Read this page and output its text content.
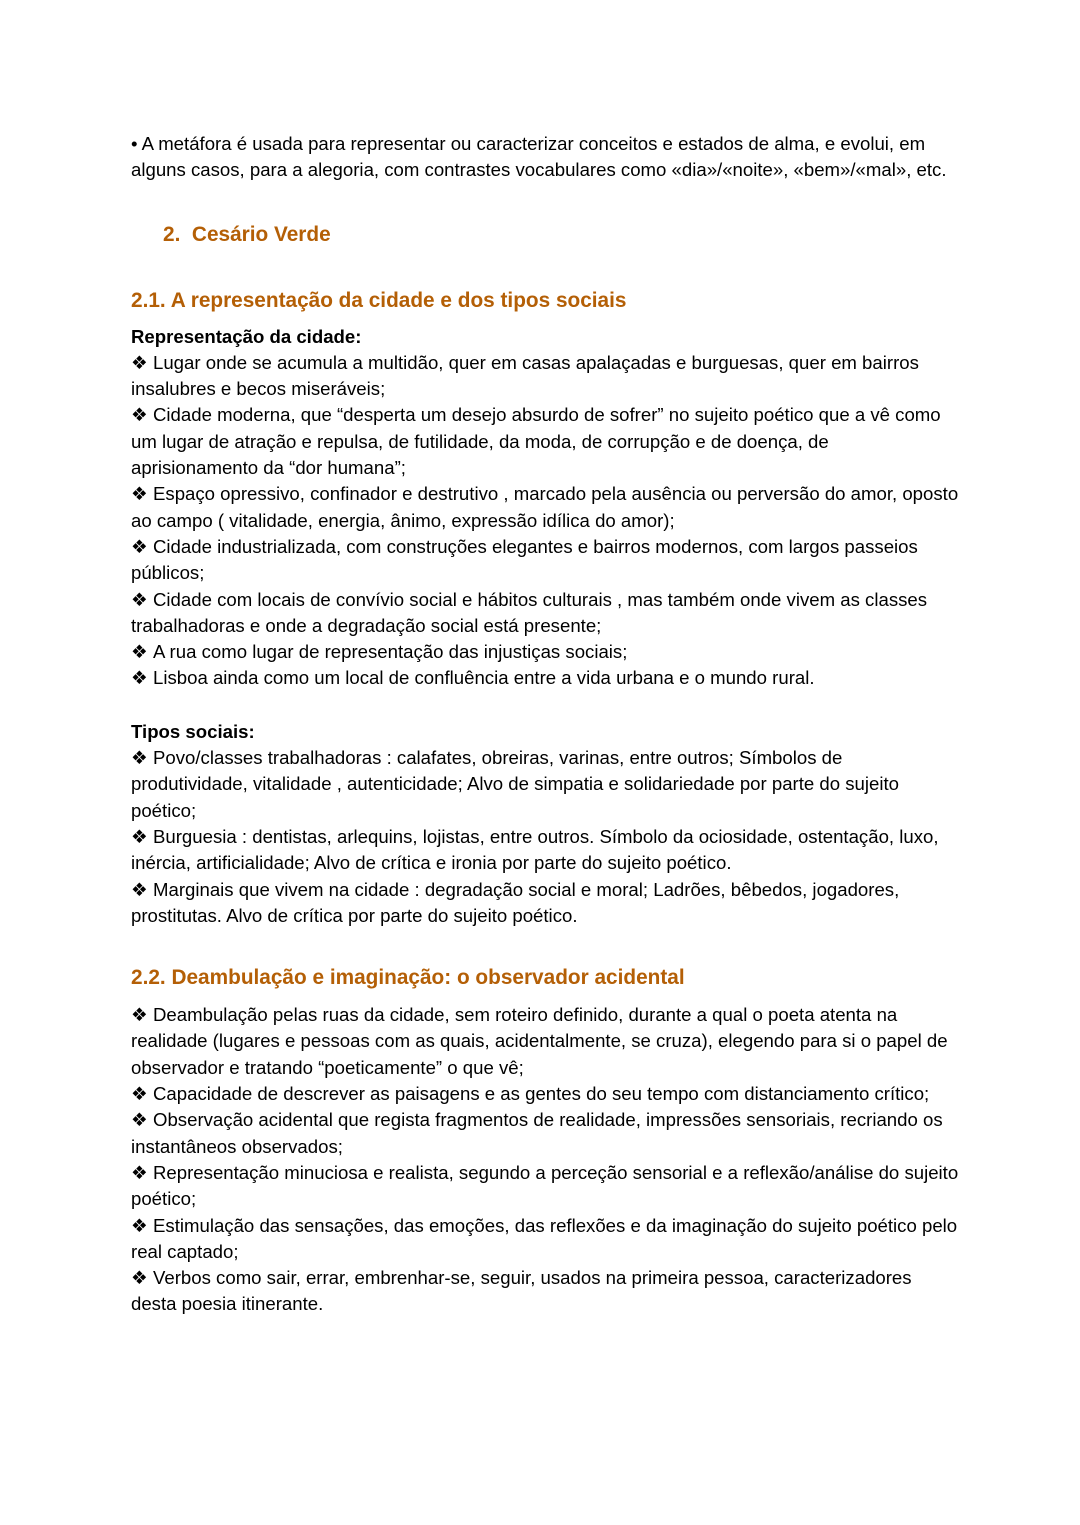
• A metáfora é usada para representar ou caracterizar conceitos e estados de alma, e evolui, em alguns casos, para a alegoria, com contrastes vocabulares como «dia»/«noite», «bem»/«mal», etc.

2. Cesário Verde
2.1. A representação da cidade e dos tipos sociais

Representação da cidade:

❖ Lugar onde se acumula a multidão, quer em casas apalaçadas e burguesas, quer em bairros insalubres e becos miseráveis;

❖ Cidade moderna, que “desperta um desejo absurdo de sofrer” no sujeito poético que a vê como um lugar de atração e repulsa, de futilidade, da moda, de corrupção e de doença, de aprisionamento da “dor humana”;

❖ Espaço opressivo, confinador e destrutivo , marcado pela ausência ou perversão do amor, oposto ao campo ( vitalidade, energia, ânimo, expressão idílica do amor);

❖ Cidade industrializada, com construções elegantes e bairros modernos, com largos passeios públicos;

❖ Cidade com locais de convívio social e hábitos culturais , mas também onde vivem as classes trabalhadoras e onde a degradação social está presente;

❖ A rua como lugar de representação das injustiças sociais;

❖ Lisboa ainda como um local de confluência entre a vida urbana e o mundo rural.

Tipos sociais:

❖ Povo/classes trabalhadoras : calafates, obreiras, varinas, entre outros; Símbolos de produtividade, vitalidade , autenticidade; Alvo de simpatia e solidariedade por parte do sujeito poético;

❖ Burguesia : dentistas, arlequins, lojistas, entre outros. Símbolo da ociosidade, ostentação, luxo, inércia, artificialidade; Alvo de crítica e ironia por parte do sujeito poético.

❖ Marginais que vivem na cidade : degradação social e moral; Ladrões, bêbedos, jogadores, prostitutas. Alvo de crítica por parte do sujeito poético.

2.2. Deambulação e imaginação: o observador acidental

❖ Deambulação pelas ruas da cidade, sem roteiro definido, durante a qual o poeta atenta na realidade (lugares e pessoas com as quais, acidentalmente, se cruza), elegendo para si o papel de observador e tratando “poeticamente” o que vê;

❖ Capacidade de descrever as paisagens e as gentes do seu tempo com distanciamento crítico;

❖ Observação acidental que regista fragmentos de realidade, impressões sensoriais, recriando os instantâneos observados;

❖ Representação minuciosa e realista, segundo a perceção sensorial e a reflexão/análise do sujeito poético;

❖ Estimulação das sensações, das emoções, das reflexões e da imaginação do sujeito poético pelo real captado;

❖ Verbos como sair, errar, embrenhar-se, seguir, usados na primeira pessoa, caracterizadores desta poesia itinerante.
